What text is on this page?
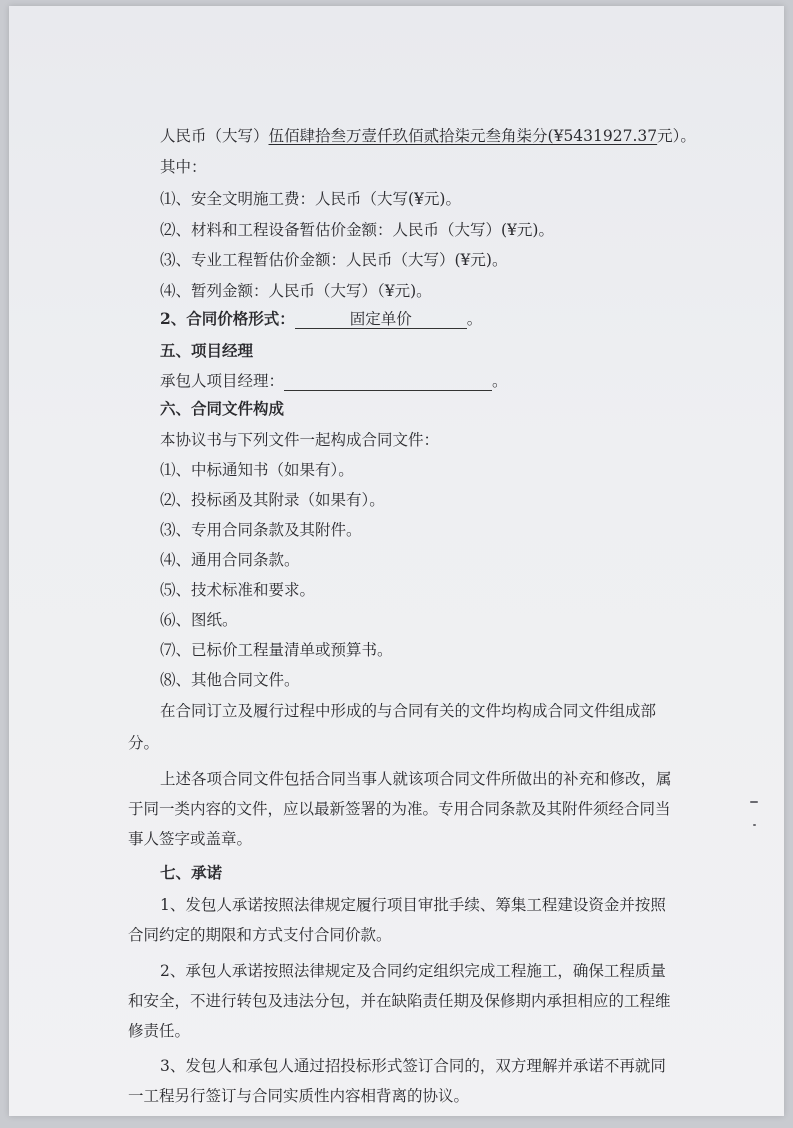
人民币（大写）伍佰肆拾叁万壹仟玖佰贰拾柒元叁角柒分(¥5431927.37元）。
其中：
⑴、安全文明施工费：人民币（大写(¥元)。
⑵、材料和工程设备暂估价金额：人民币（大写）(¥元)。
⑶、专业工程暂估价金额：人民币（大写）(¥元)。
⑷、暂列金额：人民币（大写）（¥元)。
2、合同价格形式：	固定单价	。
五、项目经理
承包人项目经理：	。
六、合同文件构成
本协议书与下列文件一起构成合同文件：
⑴、中标通知书（如果有）。
⑵、投标函及其附录（如果有）。
⑶、专用合同条款及其附件。
⑷、通用合同条款。
⑸、技术标准和要求。
⑹、图纸。
⑺、已标价工程量清单或预算书。
⑻、其他合同文件。
在合同订立及履行过程中形成的与合同有关的文件均构成合同文件组成部
分。
上述各项合同文件包括合同当事人就该项合同文件所做出的补充和修改，属
于同一类内容的文件，应以最新签署的为准。专用合同条款及其附件须经合同当
事人签字或盖章。
七、承诺
1、发包人承诺按照法律规定履行项目审批手续、筹集工程建设资金并按照
合同约定的期限和方式支付合同价款。
2、承包人承诺按照法律规定及合同约定组织完成工程施工，确保工程质量
和安全，不进行转包及违法分包，并在缺陷责任期及保修期内承担相应的工程维
修责任。
3、发包人和承包人通过招投标形式签订合同的，双方理解并承诺不再就同
一工程另行签订与合同实质性内容相背离的协议。
